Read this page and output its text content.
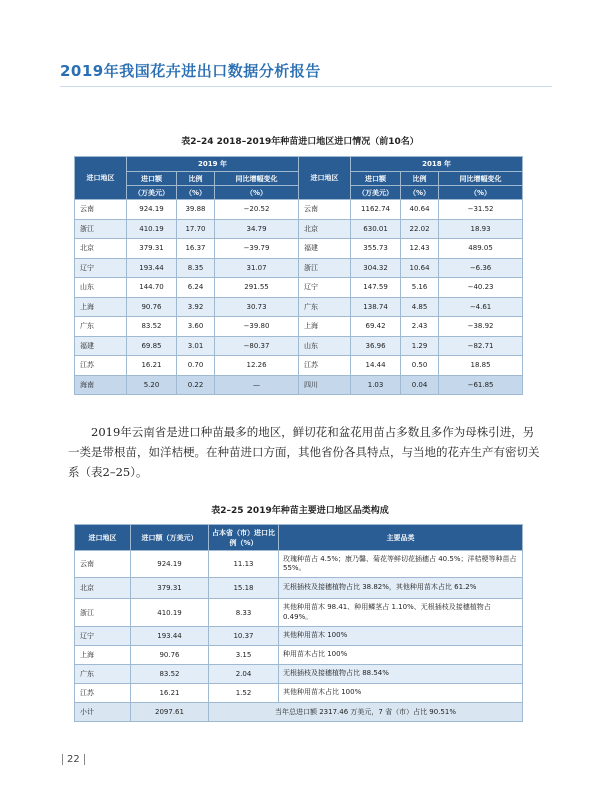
2019年我国花卉进出口数据分析报告
表2–24 2018–2019年种苗进口地区进口情况（前10名）
进口地区	2019 年			进口地区	2018 年		
	进口额	比例	同比增幅变化		进口额	比例	同比增幅变化
	（万美元）	（%）	（%）		（万美元）	（%）	（%）
云南	924.19	39.88	−20.52	云南	1162.74	40.64	−31.52
浙江	410.19	17.70	34.79	北京	630.01	22.02	18.93
北京	379.31	16.37	−39.79	福建	355.73	12.43	489.05
辽宁	193.44	8.35	31.07	浙江	304.32	10.64	−6.36
山东	144.70	6.24	291.55	辽宁	147.59	5.16	−40.23
上海	90.76	3.92	30.73	广东	138.74	4.85	−4.61
广东	83.52	3.60	−39.80	上海	69.42	2.43	−38.92
福建	69.85	3.01	−80.37	山东	36.96	1.29	−82.71
江苏	16.21	0.70	12.26	江苏	14.44	0.50	18.85
海南	5.20	0.22	—	四川	1.03	0.04	−61.85
2019年云南省是进口种苗最多的地区，鲜切花和盆花用苗占多数且多作为母株引进，另一类是带根苗，如洋桔梗。在种苗进口方面，其他省份各具特点，与当地的花卉生产有密切关系（表2–25）。
表2–25 2019年种苗主要进口地区品类构成
进口地区	进口额（万美元）	占本省（市）进口比例（%）	主要品类
云南	924.19	11.13	玫瑰种苗占 4.5%；康乃馨、菊花等鲜切花插穗占 40.5%；洋桔梗等种苗占 55%。
北京	379.31	15.18	无根插枝及接穗植物占比 38.82%，其他种用苗木占比 61.2%
浙江	410.19	8.33	其他种用苗木 98.41、种用鳞茎占 1.10%、无根插枝及接穗植物占 0.49%。
辽宁	193.44	10.37	其他种用苗木 100%
上海	90.76	3.15	种用苗木占比 100%
广东	83.52	2.04	无根插枝及接穗植物占比 88.54%
江苏	16.21	1.52	其他种用苗木占比 100%
小计	2097.61	当年总进口额 2317.46 万美元，7 省（市）占比 90.51%	
22
